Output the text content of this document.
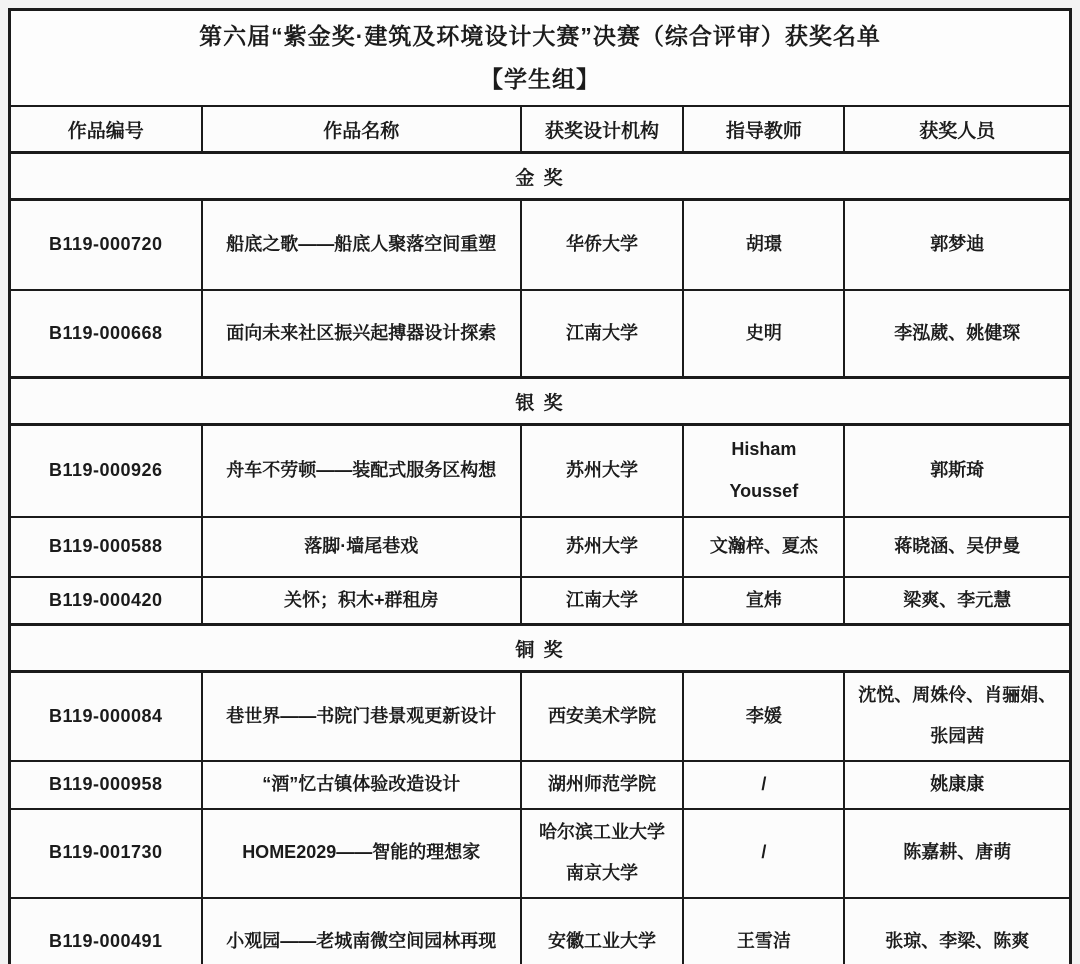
第六届“紫金奖·建筑及环境设计大赛”决赛（综合评审）获奖名单
【学生组】				

作品编号	作品名称	获奖设计机构	指导教师	获奖人员
金 奖				
B119-000720	船底之歌——船底人聚落空间重塑	华侨大学	胡璟	郭梦迪
B119-000668	面向未来社区振兴起搏器设计探索	江南大学	史明	李泓葳、姚健琛
银 奖				
B119-000926	舟车不劳顿——装配式服务区构想	苏州大学	Hisham Youssef	郭斯琦
B119-000588	落脚·墙尾巷戏	苏州大学	文瀚梓、夏杰	蒋晓涵、吴伊曼
B119-000420	关怀；积木+群租房	江南大学	宣炜	梁爽、李元慧
铜 奖				
B119-000084	巷世界——书院门巷景观更新设计	西安美术学院	李媛	沈悦、周姝伶、肖骊娟、张园茜
B119-000958	“酒”忆古镇体验改造设计	湖州师范学院	/	姚康康
B119-001730	HOME2029——智能的理想家	哈尔滨工业大学 南京大学	/	陈嘉耕、唐萌
B119-000491	小观园——老城南微空间园林再现	安徽工业大学	王雪洁	张琼、李梁、陈爽
